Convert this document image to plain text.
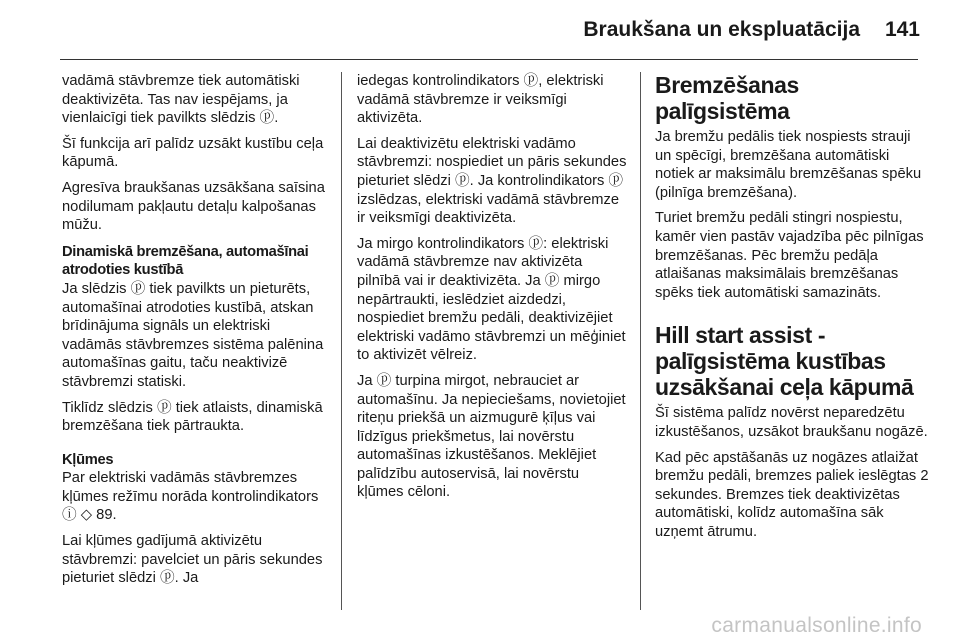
Braukšana un ekspluatācija 141

vadāmā stāvbremze tiek automātiski deaktivizēta. Tas nav iespējams, ja vienlaicīgi tiek pavilkts slēdzis ⓟ.

Šī funkcija arī palīdz uzsākt kustību ceļa kāpumā.

Agresīva braukšanas uzsākšana saīsina nodilumam pakļautu detaļu kalpošanas mūžu.

Dinamiskā bremzēšana, automašīnai atrodoties kustībā

Ja slēdzis ⓟ tiek pavilkts un pieturēts, automašīnai atrodoties kustībā, atskan brīdinājuma signāls un elektriski vadāmās stāvbremzes sistēma palēnina automašīnas gaitu, taču neaktivizē stāvbremzi statiski.

Tiklīdz slēdzis ⓟ tiek atlaists, dinamiskā bremzēšana tiek pārtraukta.

Kļūmes

Par elektriski vadāmās stāvbremzes kļūmes režīmu norāda kontrolindikators ⓘ ◇ 89.

Lai kļūmes gadījumā aktivizētu stāvbremzi: pavelciet un pāris sekundes pieturiet slēdzi ⓟ. Ja

iedegas kontrolindikators ⓟ, elektriski vadāmā stāvbremze ir veiksmīgi aktivizēta.

Lai deaktivizētu elektriski vadāmo stāvbremzi: nospiediet un pāris sekundes pieturiet slēdzi ⓟ. Ja kontrolindikators ⓟ izslēdzas, elektriski vadāmā stāvbremze ir veiksmīgi deaktivizēta.

Ja mirgo kontrolindikators ⓟ: elektriski vadāmā stāvbremze nav aktivizēta pilnībā vai ir deaktivizēta. Ja ⓟ mirgo nepārtraukti, ieslēdziet aizdedzi, nospiediet bremžu pedāli, deaktivizējiet elektriski vadāmo stāvbremzi un mēģiniet to aktivizēt vēlreiz.

Ja ⓟ turpina mirgot, nebrauciet ar automašīnu. Ja nepieciešams, novietojiet riteņu priekšā un aizmugurē ķīļus vai līdzīgus priekšmetus, lai novērstu automašīnas izkustēšanos. Meklējiet palīdzību autoservisā, lai novērstu kļūmes cēloni.

Bremzēšanas palīgsistēma

Ja bremžu pedālis tiek nospiests strauji un spēcīgi, bremzēšana automātiski notiek ar maksimālu bremzēšanas spēku (pilnīga bremzēšana).

Turiet bremžu pedāli stingri nospiestu, kamēr vien pastāv vajadzība pēc pilnīgas bremzēšanas. Pēc bremžu pedāļa atlaišanas maksimālais bremzēšanas spēks tiek automātiski samazināts.

Hill start assist - palīgsistēma kustības uzsākšanai ceļa kāpumā

Šī sistēma palīdz novērst neparedzētu izkustēšanos, uzsākot braukšanu nogāzē.

Kad pēc apstāšanās uz nogāzes atlaižat bremžu pedāli, bremzes paliek ieslēgtas 2 sekundes. Bremzes tiek deaktivizētas automātiski, kolīdz automašīna sāk uzņemt ātrumu.

carmanualsonline.info
